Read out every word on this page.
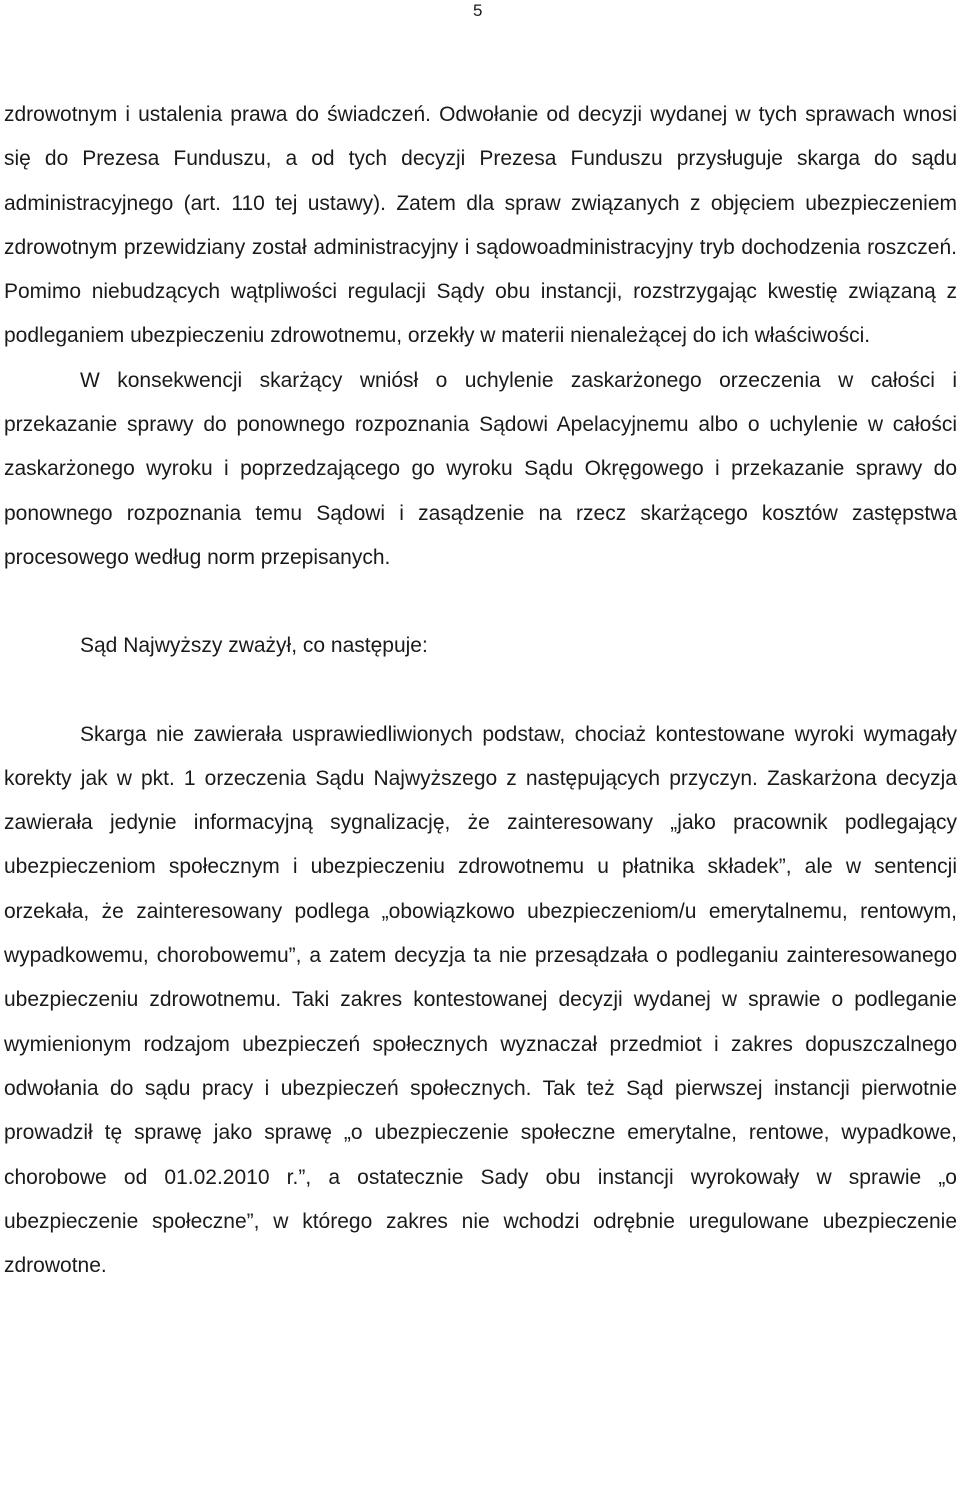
5

zdrowotnym i ustalenia prawa do świadczeń. Odwołanie od decyzji wydanej w tych sprawach wnosi się do Prezesa Funduszu, a od tych decyzji Prezesa Funduszu przysługuje skarga do sądu administracyjnego (art. 110 tej ustawy). Zatem dla spraw związanych z objęciem ubezpieczeniem zdrowotnym przewidziany został administracyjny i sądowoadministracyjny tryb dochodzenia roszczeń. Pomimo niebudzących wątpliwości regulacji Sądy obu instancji, rozstrzygając kwestię związaną z podleganiem ubezpieczeniu zdrowotnemu, orzekły w materii nienależącej do ich właściwości.

W konsekwencji skarżący wniósł o uchylenie zaskarżonego orzeczenia w całości i przekazanie sprawy do ponownego rozpoznania Sądowi Apelacyjnemu albo o uchylenie w całości zaskarżonego wyroku i poprzedzającego go wyroku Sądu Okręgowego i przekazanie sprawy do ponownego rozpoznania temu Sądowi i zasądzenie na rzecz skarżącego kosztów zastępstwa procesowego według norm przepisanych.

Sąd Najwyższy zważył, co następuje:

Skarga nie zawierała usprawiedliwionych podstaw, chociaż kontestowane wyroki wymagały korekty jak w pkt. 1 orzeczenia Sądu Najwyższego z następujących przyczyn. Zaskarżona decyzja zawierała jedynie informacyjną sygnalizację, że zainteresowany „jako pracownik podlegający ubezpieczeniom społecznym i ubezpieczeniu zdrowotnemu u płatnika składek”, ale w sentencji orzekała, że zainteresowany podlega „obowiązkowo ubezpieczeniom/u emerytalnemu, rentowym, wypadkowemu, chorobowemu”, a zatem decyzja ta nie przesądzała o podleganiu zainteresowanego ubezpieczeniu zdrowotnemu. Taki zakres kontestowanej decyzji wydanej w sprawie o podleganie wymienionym rodzajom ubezpieczeń społecznych wyznaczał przedmiot i zakres dopuszczalnego odwołania do sądu pracy i ubezpieczeń społecznych. Tak też Sąd pierwszej instancji pierwotnie prowadził tę sprawę jako sprawę „o ubezpieczenie społeczne emerytalne, rentowe, wypadkowe, chorobowe od 01.02.2010 r.”, a ostatecznie Sady obu instancji wyrokowały w sprawie „o ubezpieczenie społeczne”, w którego zakres nie wchodzi odrębnie uregulowane ubezpieczenie zdrowotne.
